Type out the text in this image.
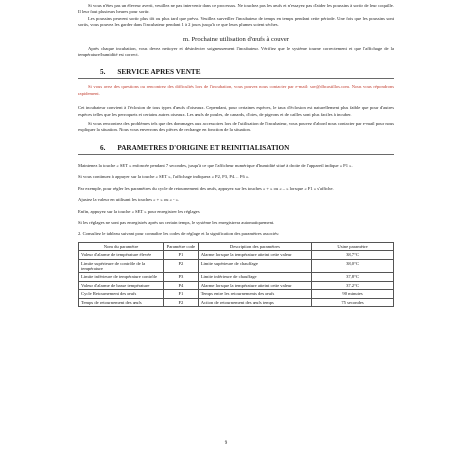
Si vous n'êtes pas un éleveur averti, veuillez ne pas intervenir dans ce processus. Ne touchez pas les œufs et n'essayez pas d'aider les poussins à sortir de leur coquille. Il leur faut plusieurs heures pour sortir.

Les poussins peuvent sortir plus tôt ou plus tard que prévu. Veuillez surveiller l'incubateur de temps en temps pendant cette période. Une fois que les poussins sont sortis, vous pouvez les garder dans l'incubateur pendant 1 à 2 jours jusqu'à ce que leurs plumes soient sèches.

m. Prochaine utilisation d'œufs à couver

Après chaque incubation, vous devez nettoyer et désinfecter soigneusement l'incubateur. Vérifiez que le système tourne correctement et que l'affichage de la température/humidité est correct.

5. SERVICE APRES VENTE

Si vous avez des questions ou rencontrez des difficultés lors de l'incubation, vous pouvez nous contacter par e-mail: sav@dhcastillos.com. Nous vous répondrons rapidement.

Cet incubateur convient à l'éclosion de tous types d'œufs d'oiseaux. Cependant, pour certaines espèces, le taux d'éclosion est naturellement plus faible que pour d'autres espèces telles que les perroquets et certains autres oiseaux. Les œufs de poules, de canards, d'oies, de pigeons et de cailles sont plus faciles à incuber.

Si vous rencontrez des problèmes tels que des dommages aux accessoires lors de l'utilisation de l'incubateur, vous pouvez d'abord nous contacter par e-mail pour nous expliquer la situation. Nous vous enverrons des pièces de rechange en fonction de la situation.

6. PARAMETRES D'ORIGINE ET REINITIALISATION

Maintenez la touche « SET » enfoncée pendant 7 secondes, jusqu'à ce que l'afficheur numérique d'humidité situé à droite de l'appareil indique « P1 ».

Si vous continuez à appuyer sur la touche « SET », l'affichage indiquera « P2, P3, P4… F6 ».

Par exemple, pour régler les paramètres du cycle de retournement des œufs, appuyez sur les touches « + » ou « – » lorsque « F1 » s'affiche.

Ajustez la valeur en utilisant les touches « + » ou « - ».

Enfin, appuyez sur la touche « SET » pour enregistrer les réglages

Si les réglages ne sont pas enregistrés après un certain temps, le système les enregistrera automatiquement.

2. Consultez le tableau suivant pour connaître les codes de réglage et la signification des paramètres associés:

Nom du paramètre	Paramètre code	Description des paramètres	Usine paramètre
Valeur d'alarme de température élevée	P1	Alarme lorsque la température atteint cette valeur	38,7°C
Limite supérieure de contrôle de la température	P2	Limite supérieure de chauffage	38,0°C
Limite inférieure de température contrôle	P3	Limite inférieure de chauffage	37,8°C
Valeur d'alarme de basse température	P4	Alarme lorsque la température atteint cette valeur	37.2°C
Cycle Retournement des œufs	F1	Temps entre les retournements des œufs	90 minutes
Temps de retournement des œufs	F2	Action de retournement des œufs temps	75 secondes
9
